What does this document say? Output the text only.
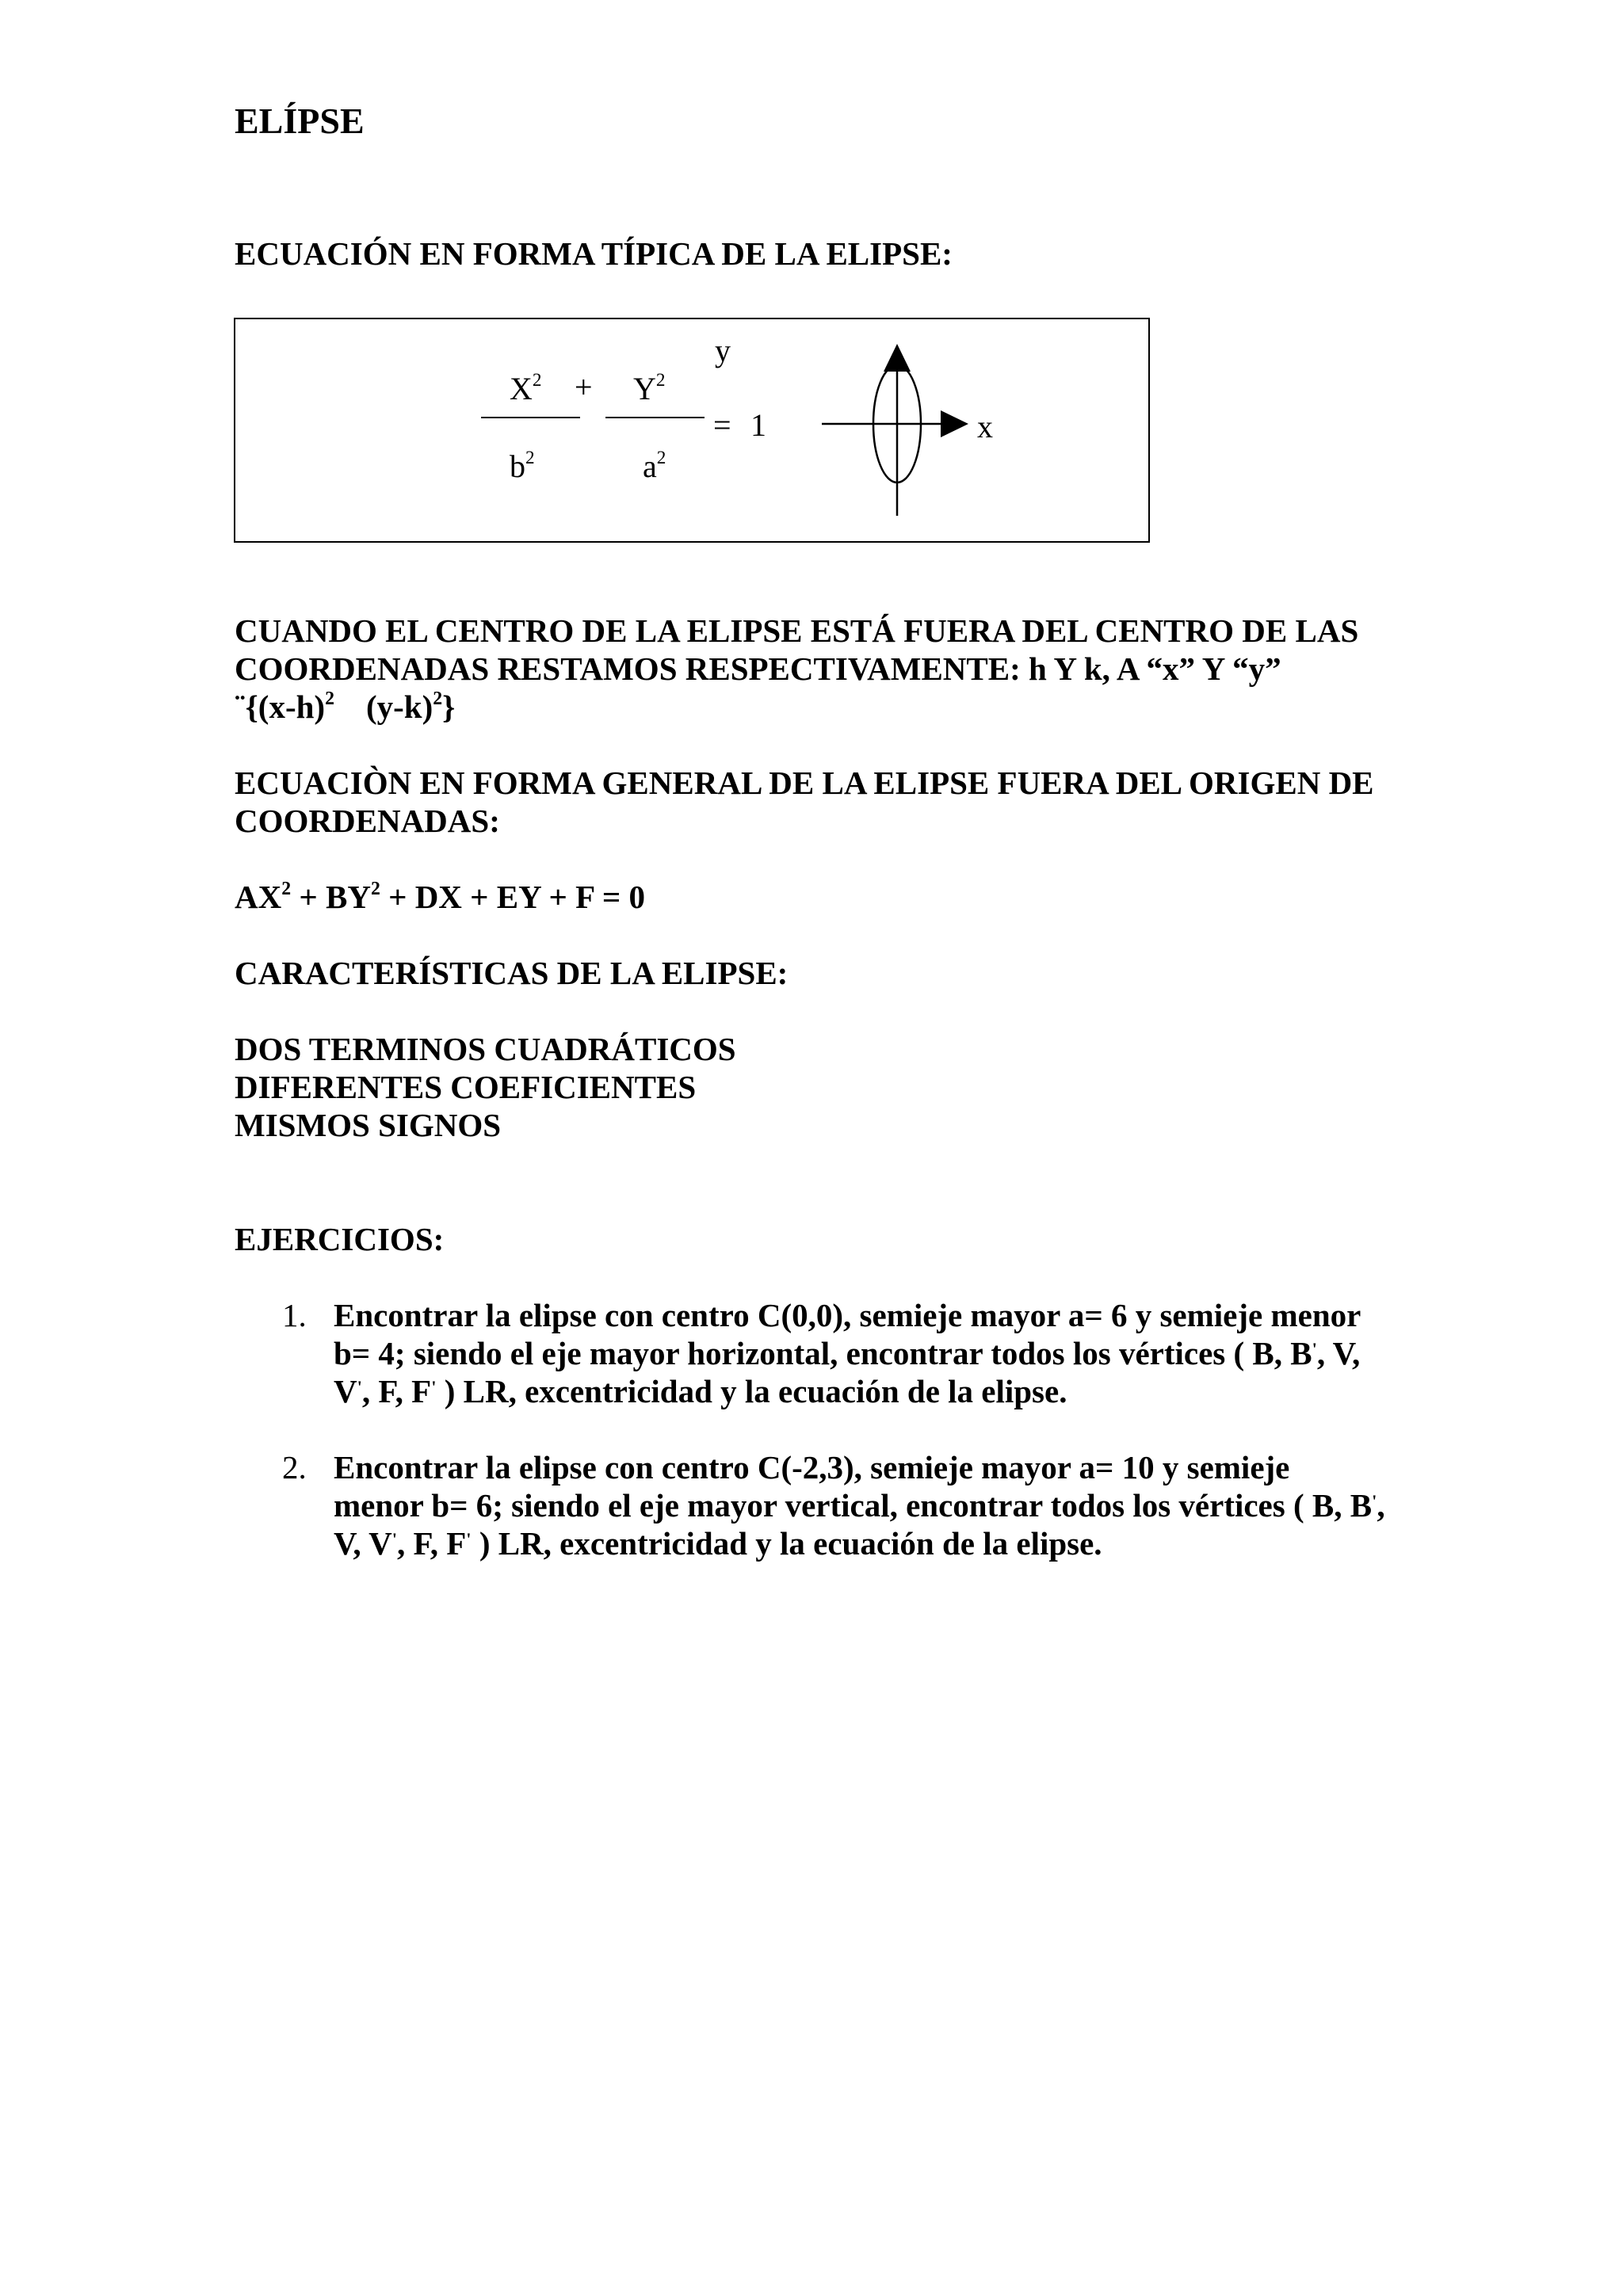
ELÍPSE
ECUACIÓN EN FORMA TÍPICA DE LA ELIPSE:
$X^2$
$b^2$
+ $Y^2$
$a^2$
y
= 1	x
CUANDO EL CENTRO DE LA ELIPSE ESTÁ FUERA DEL CENTRO DE LAS
COORDENADAS RESTAMOS RESPECTIVAMENTE: h Y k, A “x” Y “y”
$¨\{(x-h)^2$ $(y-k)^2$}
ECUACIÒN EN FORMA GENERAL DE LA ELIPSE FUERA DEL ORIGEN DE
COORDENADAS:
$AX^2 + BY^2$ + DX + EY + F = 0
CARACTERÍSTICAS DE LA ELIPSE:
DOS TERMINOS CUADRÁTICOS
DIFERENTES COEFICIENTES
MISMOS SIGNOS
EJERCICIOS:
1. Encontrar la elipse con centro C(0,0), semieje mayor a= 6 y semieje menor
b= 4; siendo el eje mayor horizontal, encontrar todos los vértices ( B, B', V,
V', F, F' ) LR, excentricidad y la ecuación de la elipse.
2. Encontrar la elipse con centro C(-2,3), semieje mayor a= 10 y semieje
menor b= 6; siendo el eje mayor vertical, encontrar todos los vértices ( B, B',
V, V', F, F' ) LR, excentricidad y la ecuación de la elipse.
